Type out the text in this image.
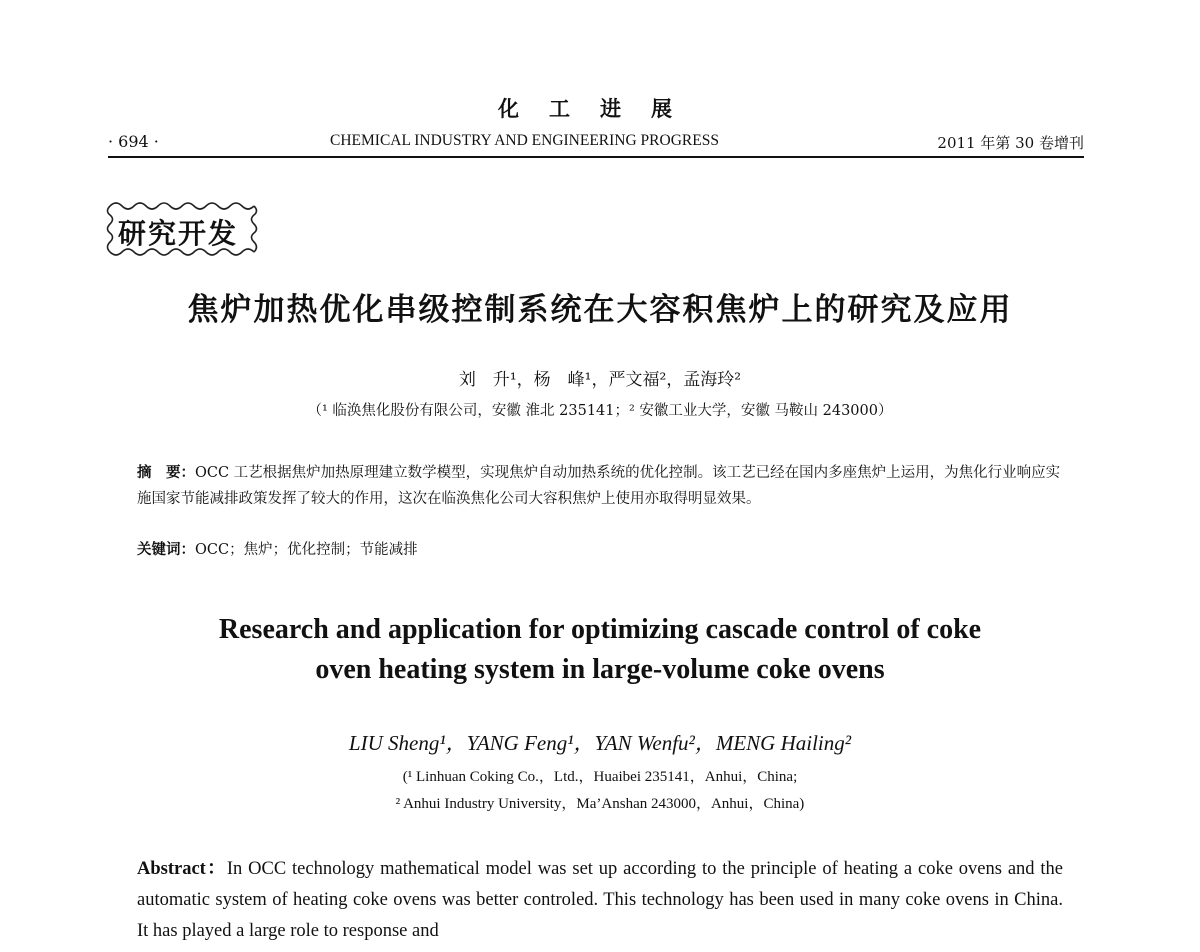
化工进展
· 694 ·	CHEMICAL INDUSTRY AND ENGINEERING PROGRESS	2011 年第 30 卷增刊
研究开发
焦炉加热优化串级控制系统在大容积焦炉上的研究及应用
刘　升¹，杨　峰¹，严文福²，孟海玲²
（¹ 临涣焦化股份有限公司，安徽 淮北 235141；² 安徽工业大学，安徽 马鞍山 243000）
摘　要：OCC 工艺根据焦炉加热原理建立数学模型，实现焦炉自动加热系统的优化控制。该工艺已经在国内多座焦炉上运用，为焦化行业响应实施国家节能减排政策发挥了较大的作用，这次在临涣焦化公司大容积焦炉上使用亦取得明显效果。
关键词：OCC；焦炉；优化控制；节能减排
Research and application for optimizing cascade control of coke
oven heating system in large-volume coke ovens
LIU Sheng¹，YANG Feng¹，YAN Wenfu²，MENG Hailing²
(¹ Linhuan Coking Co.，Ltd.，Huaibei 235141，Anhui，China;
² Anhui Industry University，Ma’Anshan 243000，Anhui，China)
Abstract：In OCC technology mathematical model was set up according to the principle of heating a coke ovens and the automatic system of heating coke ovens was better controled. This technology has been used in many coke ovens in China. It has played a large role to response and
